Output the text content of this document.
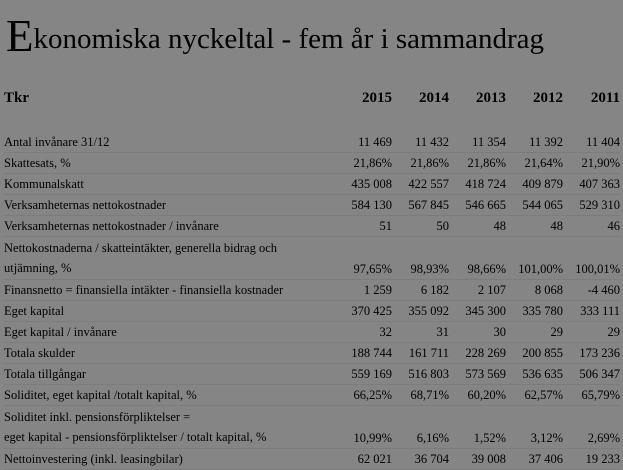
Ekonomiska nyckeltal - fem år i sammandrag
Tkr	2015	2014	2013	2012	2011

Antal invånare 31/12	11 469	11 432	11 354	11 392	11 404
Skattesats, %	21,86%	21,86%	21,86%	21,64%	21,90%
Kommunalskatt	435 008	422 557	418 724	409 879	407 363
Verksamheternas nettokostnader	584 130	567 845	546 665	544 065	529 310
Verksamheternas nettokostnader / invånare	51	50	48	48	46
Nettokostnaderna / skatteintäkter, generella bidrag och
utjämning, %	97,65%	98,93%	98,66%	101,00%	100,01%
Finansnetto = finansiella intäkter - finansiella kostnader	1 259	6 182	2 107	8 068	-4 460
Eget kapital	370 425	355 092	345 300	335 780	333 111
Eget kapital / invånare	32	31	30	29	29
Totala skulder	188 744	161 711	228 269	200 855	173 236
Totala tillgångar	559 169	516 803	573 569	536 635	506 347
Soliditet, eget kapital /totalt kapital, %	66,25%	68,71%	60,20%	62,57%	65,79%
Soliditet inkl. pensionsförpliktelser =
eget kapital - pensionsförpliktelser / totalt kapital, %	10,99%	6,16%	1,52%	3,12%	2,69%
Nettoinvestering (inkl. leasingbilar)	62 021	36 704	39 008	37 406	19 233
